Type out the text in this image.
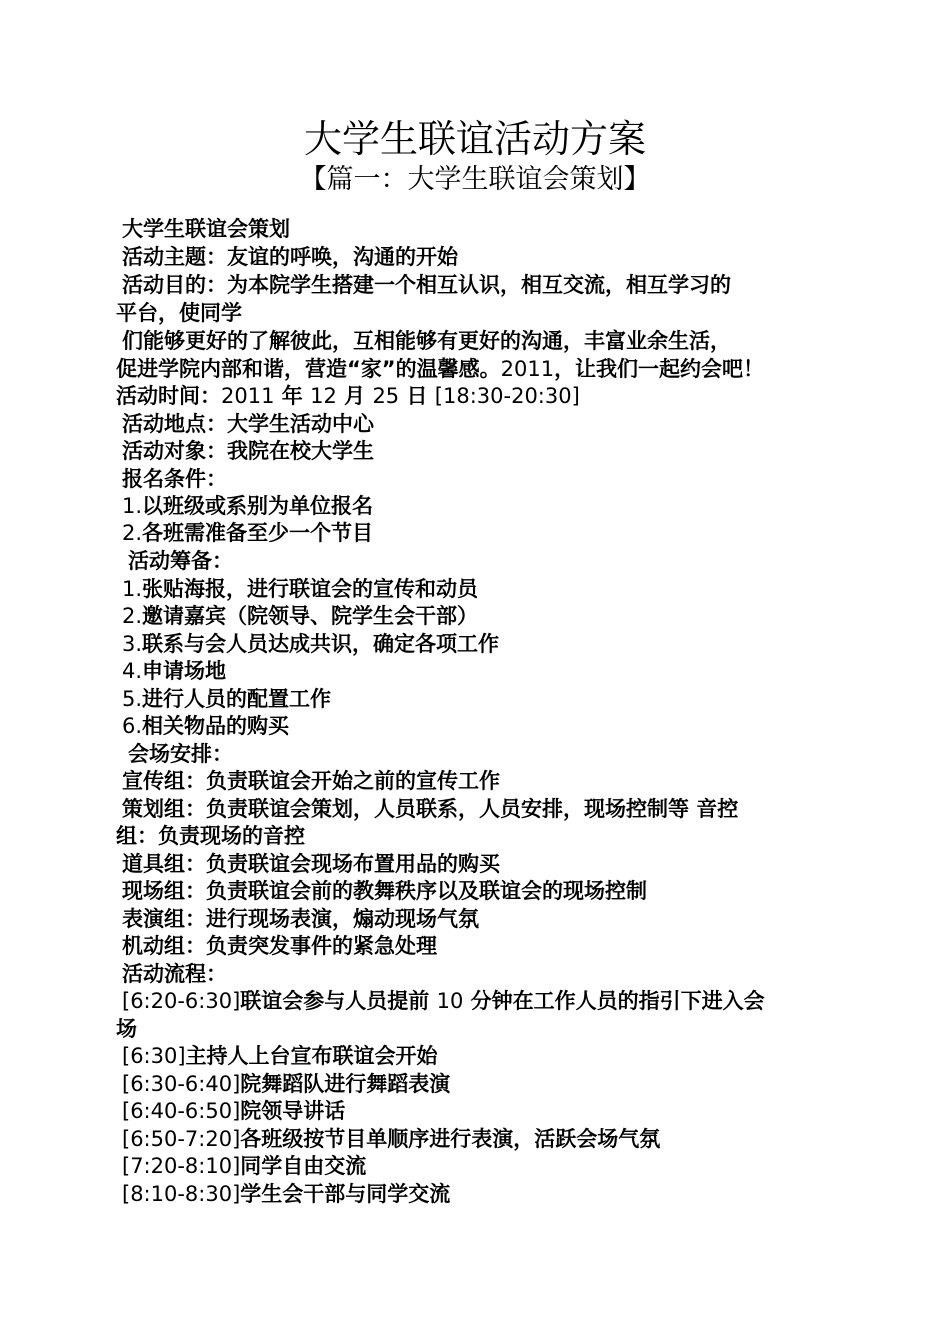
大学生联谊活动方案
【篇一：大学生联谊会策划】
大学生联谊会策划
活动主题：友谊的呼唤，沟通的开始
活动目的：为本院学生搭建一个相互认识，相互交流，相互学习的
平台，使同学
们能够更好的了解彼此，互相能够有更好的沟通，丰富业余生活，
促进学院内部和谐，营造“家”的温馨感。2011，让我们一起约会吧！
活动时间：2011 年 12 月 25 日 [18:30-20:30]
活动地点：大学生活动中心
活动对象：我院在校大学生
报名条件：
1.以班级或系别为单位报名
2.各班需准备至少一个节目
活动筹备：
1.张贴海报，进行联谊会的宣传和动员
2.邀请嘉宾（院领导、院学生会干部）
3.联系与会人员达成共识，确定各项工作
4.申请场地
5.进行人员的配置工作
6.相关物品的购买
会场安排：
宣传组：负责联谊会开始之前的宣传工作
策划组：负责联谊会策划，人员联系，人员安排，现场控制等 音控
组：负责现场的音控
道具组：负责联谊会现场布置用品的购买
现场组：负责联谊会前的教舞秩序以及联谊会的现场控制
表演组：进行现场表演，煽动现场气氛
机动组：负责突发事件的紧急处理
活动流程：
[6:20-6:30]联谊会参与人员提前 10 分钟在工作人员的指引下进入会
场
[6:30]主持人上台宣布联谊会开始
[6:30-6:40]院舞蹈队进行舞蹈表演
[6:40-6:50]院领导讲话
[6:50-7:20]各班级按节目单顺序进行表演，活跃会场气氛
[7:20-8:10]同学自由交流
[8:10-8:30]学生会干部与同学交流
